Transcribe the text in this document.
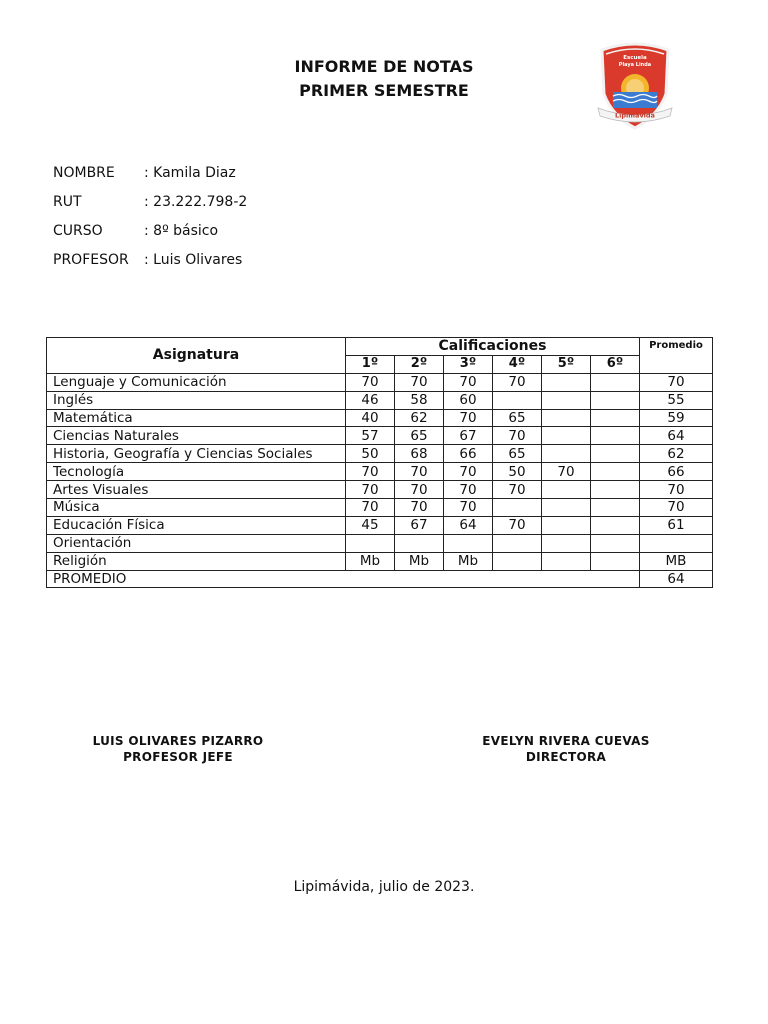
INFORME DE NOTAS
PRIMER SEMESTRE
Escuela
Playa Linda
Lipimávida
NOMBRE : Kamila Diaz
RUT	: 23.222.798-2
CURSO	: 8º básico
PROFESOR : Luis Olivares
Asignatura	Calificaciones						Promedio
	1º	2º	3º	4º	5º	6º	
Lenguaje y Comunicación	70	70	70	70			70
Inglés	46	58	60				55
Matemática	40	62	70	65			59
Ciencias Naturales	57	65	67	70			64
Historia, Geografía y Ciencias Sociales	50	68	66	65			62
Tecnología	70	70	70	50	70		66
Artes Visuales	70	70	70	70			70
Música	70	70	70				70
Educación Física	45	67	64	70			61
Orientación							
Religión	Mb	Mb	Mb				MB
PROMEDIO							64
LUIS OLIVARES PIZARRO
PROFESOR JEFE
EVELYN RIVERA CUEVAS
DIRECTORA
Lipimávida, julio de 2023.
